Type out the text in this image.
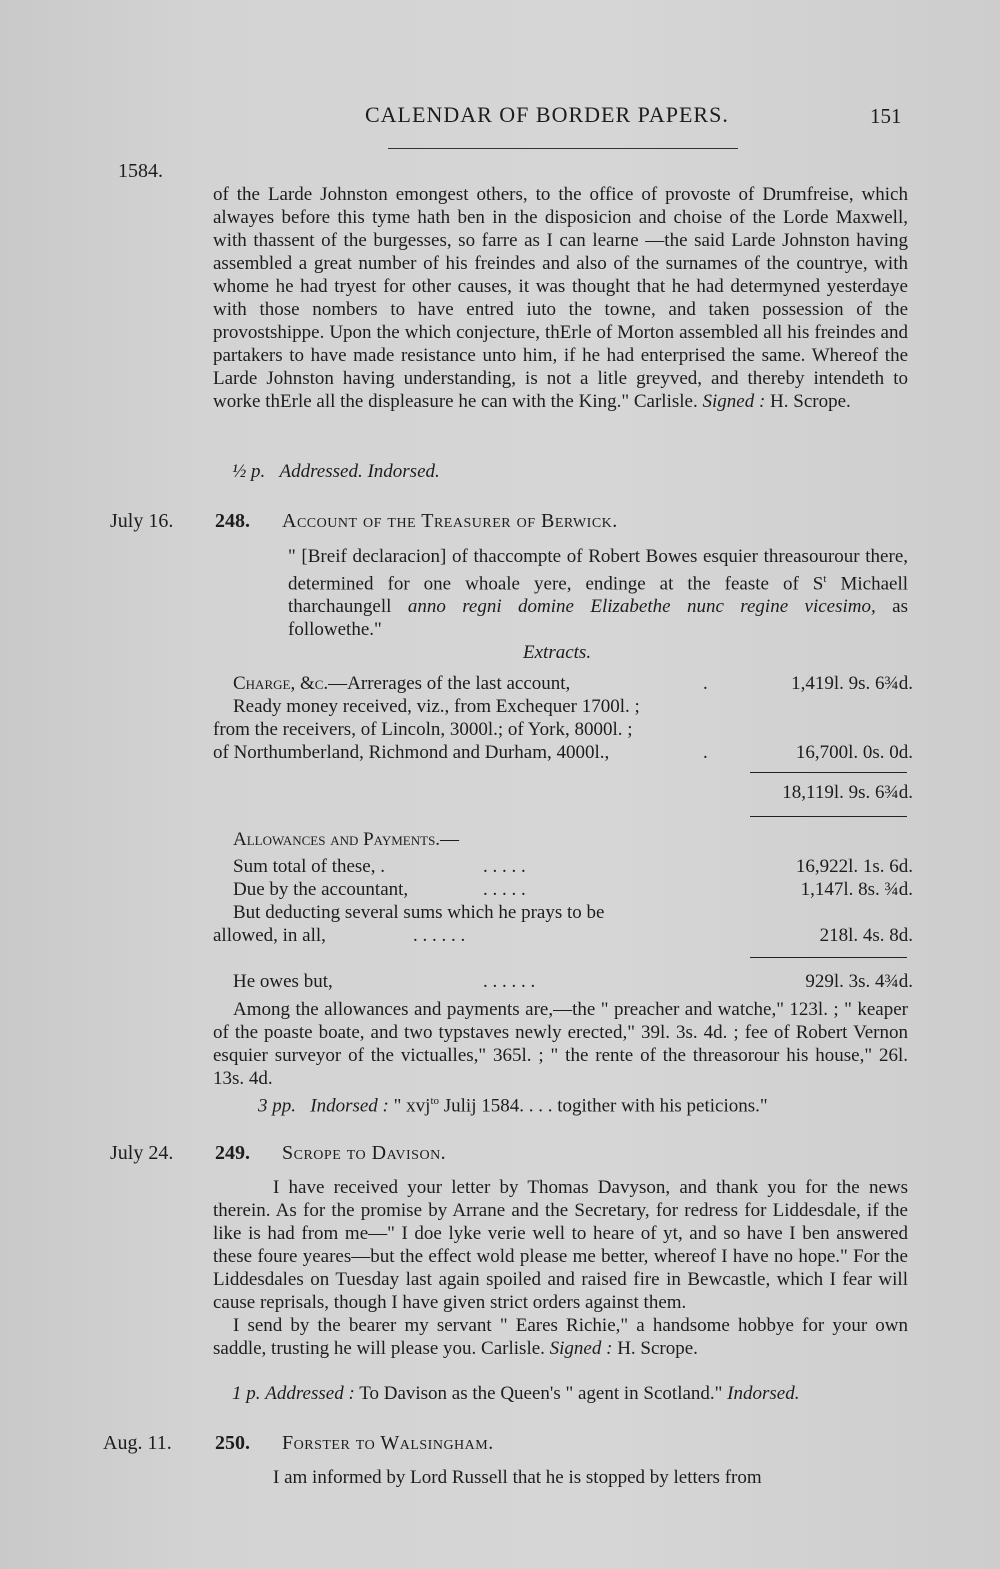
CALENDAR OF BORDER PAPERS.	151
1584.

of the Larde Johnston emongest others, to the office of provoste of Drumfreise, which alwayes before this tyme hath ben in the disposicion and choise of the Lorde Maxwell, with thassent of the burgesses, so farre as I can learne —the said Larde Johnston having assembled a great number of his freindes and also of the surnames of the countrye, with whome he had tryest for other causes, it was thought that he had determyned yesterdaye with those nombers to have entred iuto the towne, and taken possession of the provostshippe. Upon the which conjecture, thErle of Morton assembled all his freindes and partakers to have made resistance unto him, if he had enterprised the same. Whereof the Larde Johnston having understanding, is not a litle greyved, and thereby intendeth to worke thErle all the displeasure he can with the King." Carlisle. Signed : H. Scrope.

½ p. Addressed. Indorsed.
July 16. 248. Account of the Treasurer of Berwick.
" [Breif declaracion] of thaccompte of Robert Bowes esquier threasourour there, determined for one whoale yere, endinge at the feaste of $S^t$ Michaell tharchaungell anno regni domine Elizabethe nunc regine vicesimo, as followethe."
Extracts.
Charge, &c.—Arrerages of the last account,	.	1,419l. 9s. 6¾d.
Ready money received, viz., from Exchequer 1700l. ;
from the receivers, of Lincoln, 3000l.; of York, 8000l. ;
of Northumberland, Richmond and Durham, 4000l.,	.	16,700l. 0s. 0d.
18,119l. 9s. 6¾d.
Allowances and Payments.—
Sum total of these, .	. . . . .	16,922l. 1s. 6d.
Due by the accountant,	. . . . .	1,147l. 8s. ¾d.
But deducting several sums which he prays to be
allowed, in all,	. . . . . .	218l. 4s. 8d.
He owes but,	. . . . . .	929l. 3s. 4¾d.

Among the allowances and payments are,—the " preacher and watche," 123l. ; " keaper of the poaste boate, and two typstaves newly erected," 39l. 3s. 4d. ; fee of Robert Vernon esquier surveyor of the victualles," 365l. ; " the rente of the threasorour his house," 26l. 13s. 4d.

3 pp. Indorsed : " xvj$^{to}$ Julij 1584. . . . togither with his peticions."
July 24. 249. Scrope to Davison.

I have received your letter by Thomas Davyson, and thank you for the news therein. As for the promise by Arrane and the Secretary, for redress for Liddesdale, if the like is had from me—" I doe lyke verie well to heare of yt, and so have I ben answered these foure yeares—but the effect wold please me better, whereof I have no hope." For the Liddesdales on Tuesday last again spoiled and raised fire in Bewcastle, which I fear will cause reprisals, though I have given strict orders against them.

I send by the bearer my servant " Eares Richie," a handsome hobbye for your own saddle, trusting he will please you. Carlisle. Signed : H. Scrope.

1 p. Addressed : To Davison as the Queen's " agent in Scotland." Indorsed.
Aug. 11. 250. Forster to Walsingham.

I am informed by Lord Russell that he is stopped by letters from
